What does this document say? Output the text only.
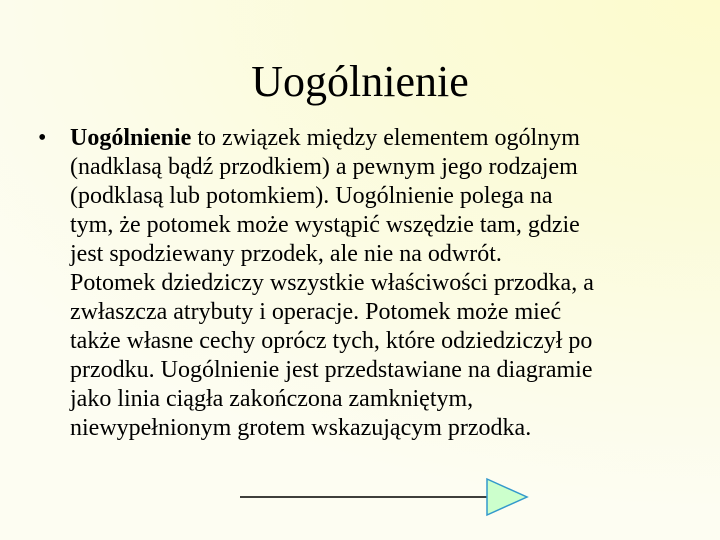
Uogólnienie
• Uogólnienie to związek między elementem ogólnym
(nadklasą bądź przodkiem) a pewnym jego rodzajem
(podklasą lub potomkiem). Uogólnienie polega na
tym, że potomek może wystąpić wszędzie tam, gdzie
jest spodziewany przodek, ale nie na odwrót.
Potomek dziedziczy wszystkie właściwości przodka, a
zwłaszcza atrybuty i operacje. Potomek może mieć
także własne cechy oprócz tych, które odziedziczył po
przodku. Uogólnienie jest przedstawiane na diagramie
jako linia ciągła zakończona zamkniętym,
niewypełnionym grotem wskazującym przodka.
